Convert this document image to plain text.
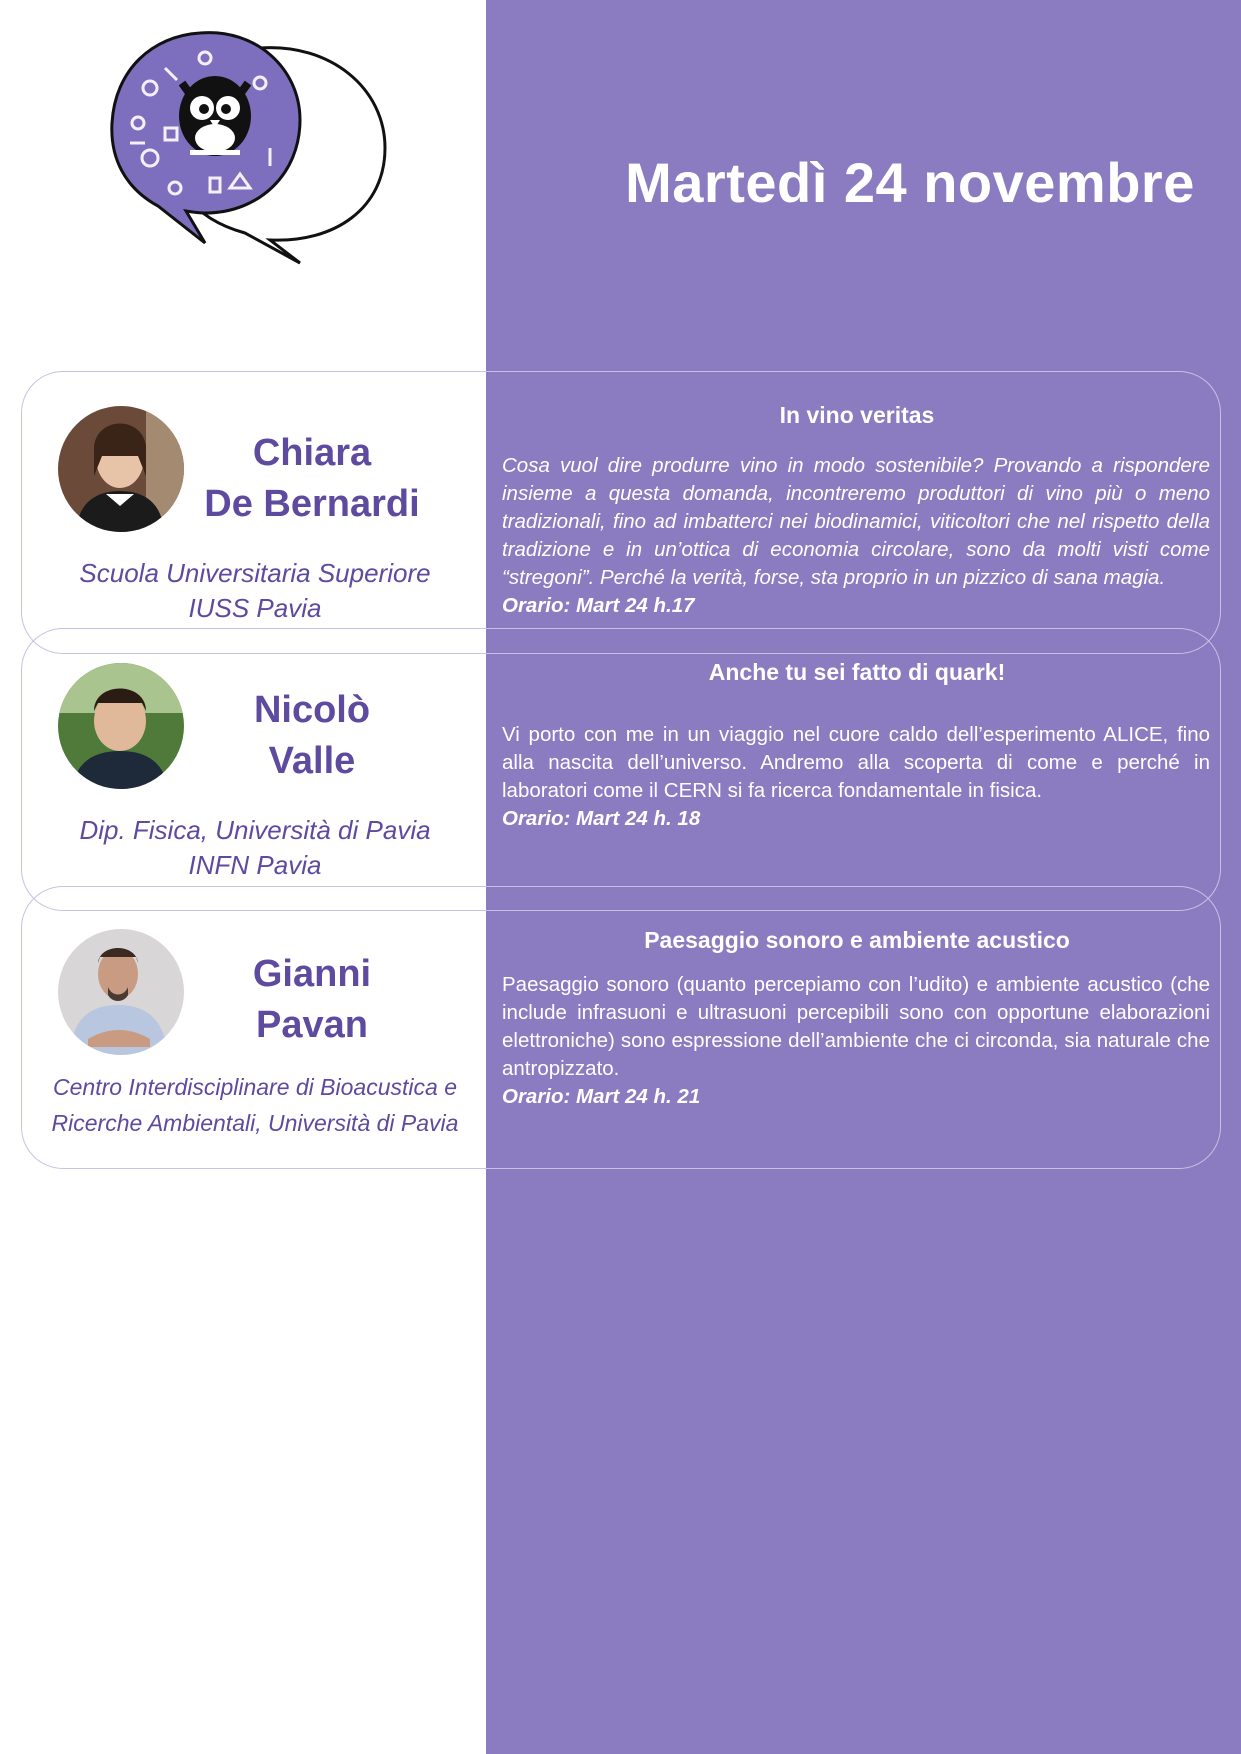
Martedì 24 novembre
Chiara
De Bernardi
Scuola Universitaria Superiore
IUSS Pavia
In vino veritas
Cosa vuol dire produrre vino in modo sostenibile? Provando a rispondere insieme a questa domanda, incontreremo produttori di vino più o meno tradizionali, fino ad imbatterci nei biodinamici, viticoltori che nel rispetto della tradizione e in un’ottica di economia circolare, sono da molti visti come “stregoni”. Perché la verità, forse, sta proprio in un pizzico di sana magia.
Orario: Mart 24 h.17
Nicolò
Valle
Dip. Fisica, Università di Pavia
INFN Pavia
Anche tu sei fatto di quark!
Vi porto con me in un viaggio nel cuore caldo dell’esperimento ALICE, fino alla nascita dell’universo. Andremo alla scoperta di come e perché in laboratori come il CERN si fa ricerca fondamentale in fisica.
Orario: Mart 24 h. 18
Gianni
Pavan
Centro Interdisciplinare di Bioacustica e
Ricerche Ambientali, Università di Pavia
Paesaggio sonoro e ambiente acustico
Paesaggio sonoro (quanto percepiamo con l’udito) e ambiente acustico (che include infrasuoni e ultrasuoni percepibili sono con opportune elaborazioni elettroniche) sono espressione dell’ambiente che ci circonda, sia naturale che antropizzato.
Orario: Mart 24 h. 21
